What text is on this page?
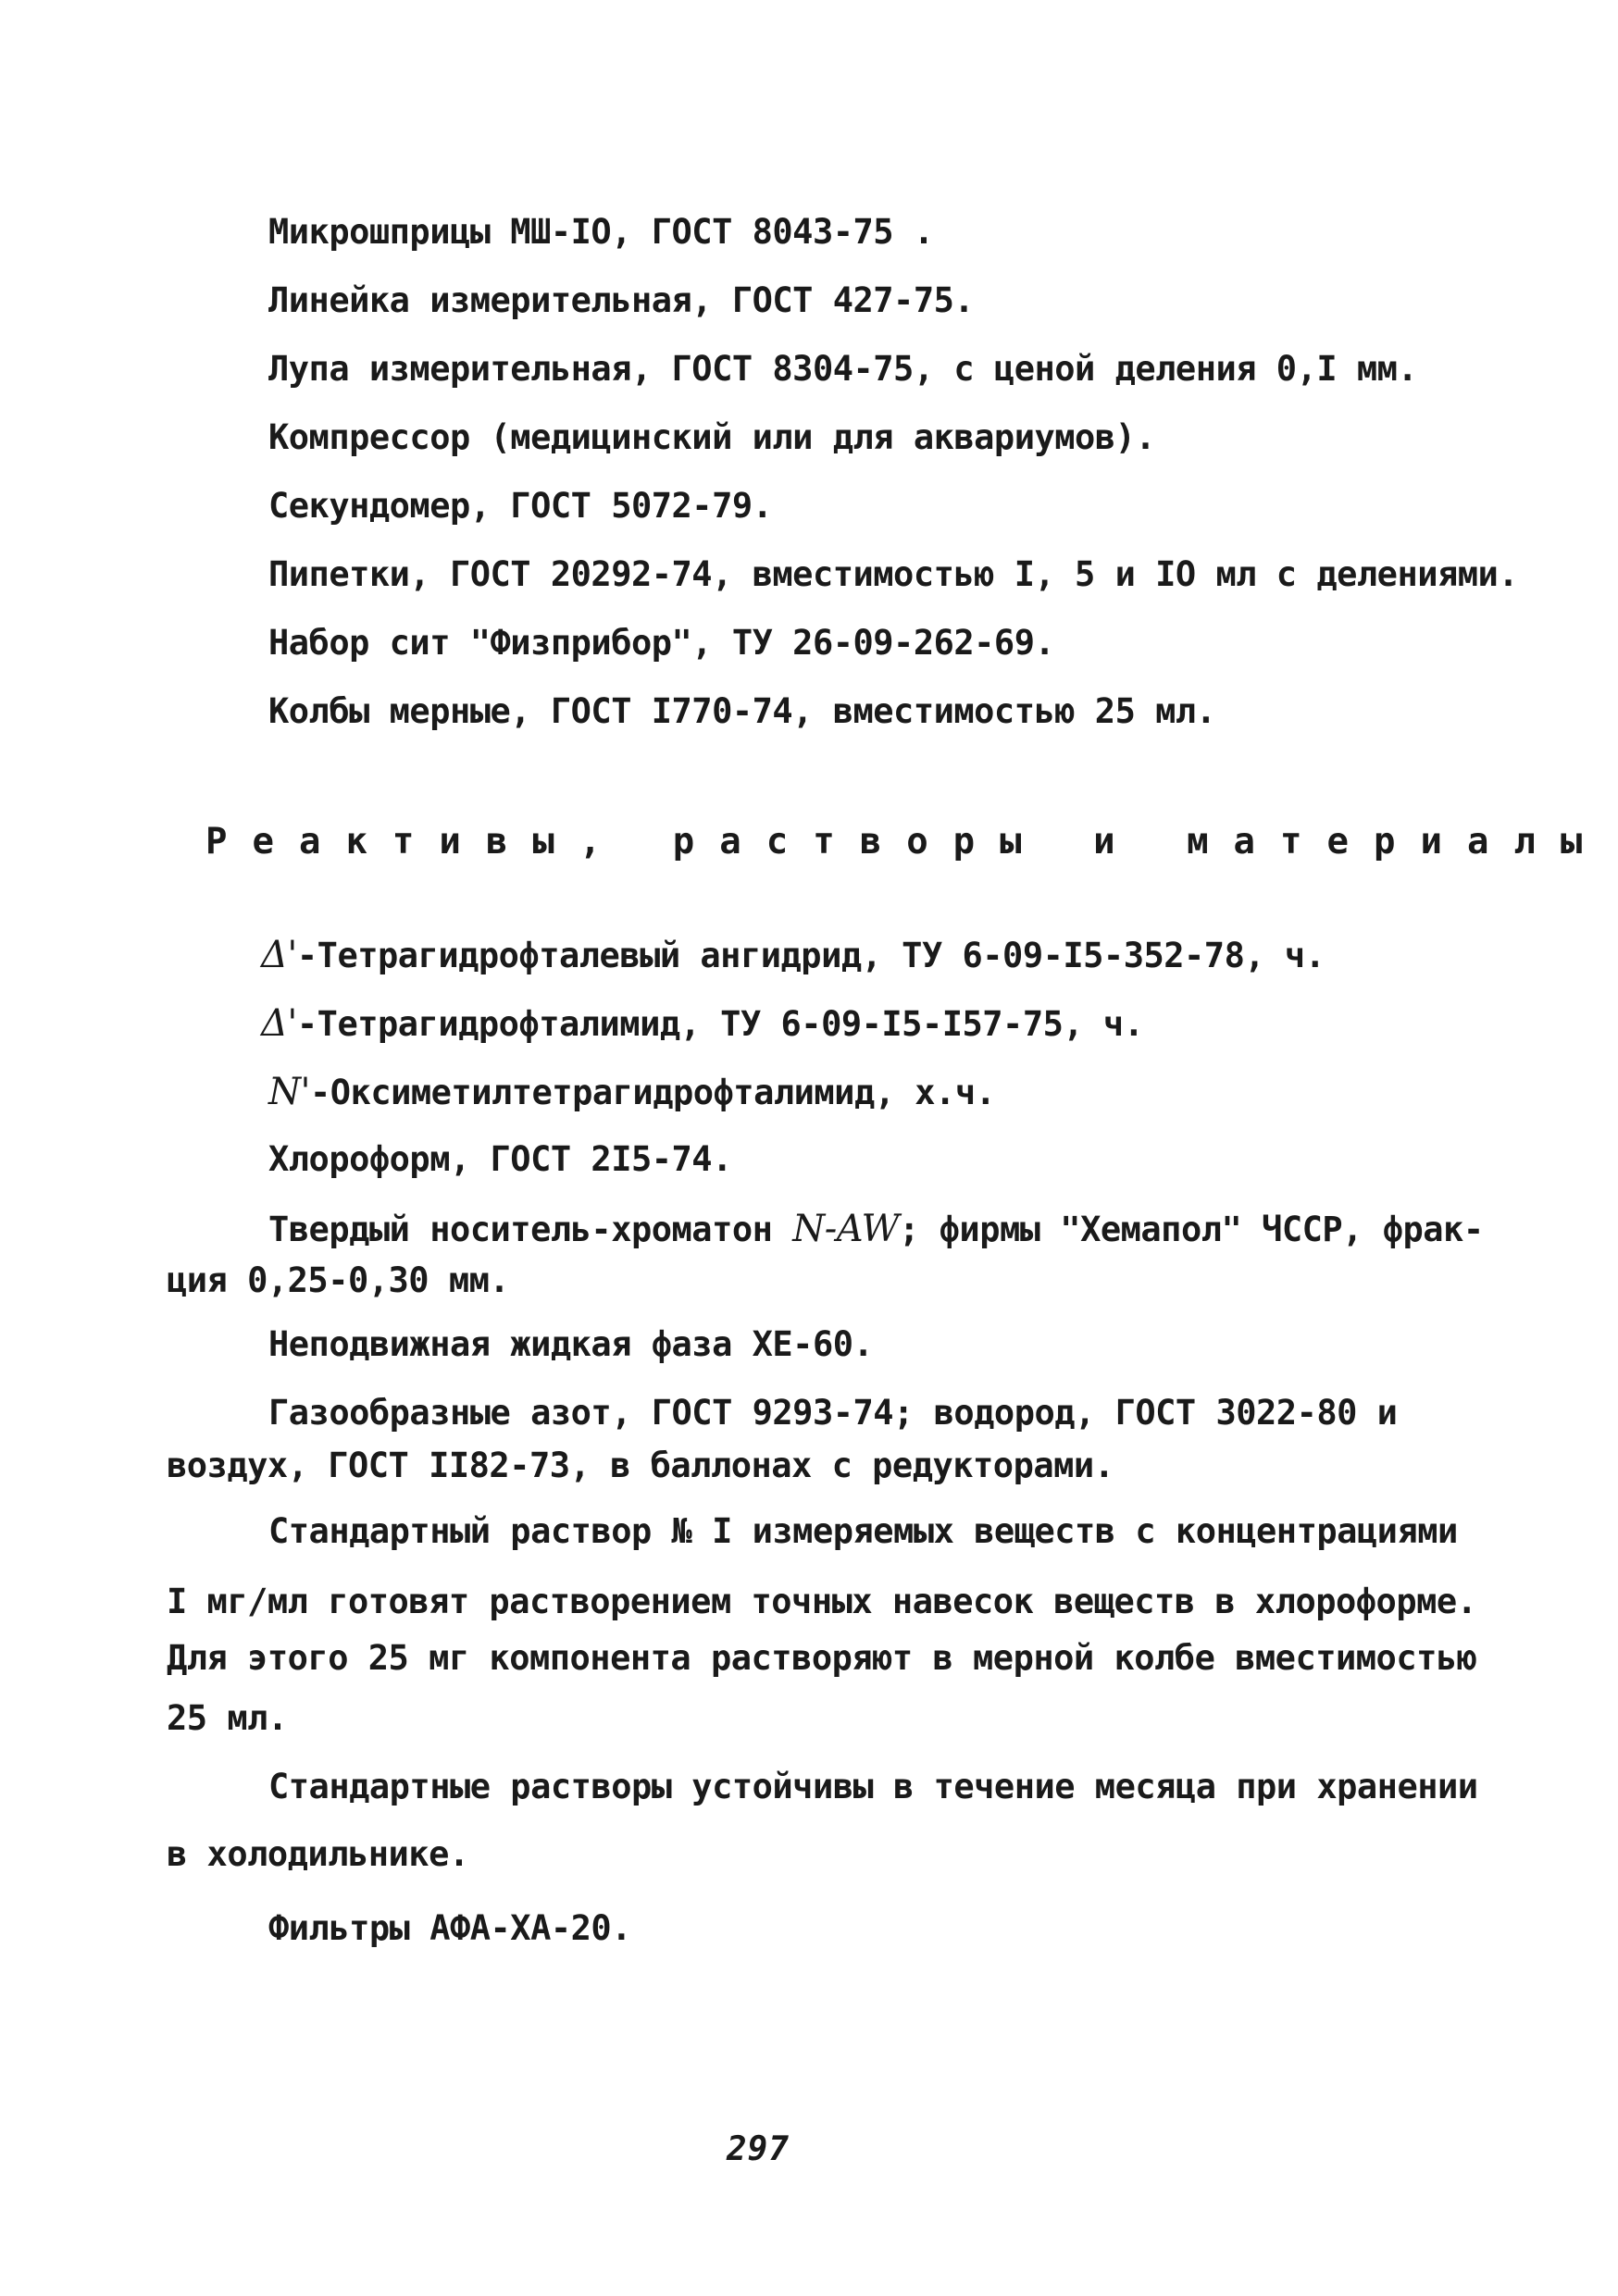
Микрошприцы МШ-IO, ГОСТ 8043-75 .
Линейка измерительная, ГОСТ 427-75.
Лупа измерительная, ГОСТ 8304-75, с ценой деления 0,I мм.
Компрессор (медицинский или для аквариумов).
Секундомер, ГОСТ 5072-79.
Пипетки, ГОСТ 20292-74, вместимостью I, 5 и IO мл с делениями.
Набор сит "Физприбор", ТУ 26-09-262-69.
Колбы мерные, ГОСТ I770-74, вместимостью 25 мл.
Реактивы, растворы и материалы
Δ'-Тетрагидрофталевый ангидрид, ТУ 6-09-I5-352-78, ч.
Δ'-Тетрагидрофталимид, ТУ 6-09-I5-I57-75, ч.
N'-Оксиметилтетрагидрофталимид, х.ч.
Хлороформ, ГОСТ 2I5-74.
Твердый носитель-хроматон N-AW; фирмы "Хемапол" ЧССР, фрак-
ция 0,25-0,30 мм.
Неподвижная жидкая фаза ХЕ-60.
Газообразные азот, ГОСТ 9293-74; водород, ГОСТ 3022-80 и
воздух, ГОСТ II82-73, в баллонах с редукторами.
Стандартный раствор № I измеряемых веществ с концентрациями
I мг/мл готовят растворением точных навесок веществ в хлороформе.
Для этого 25 мг компонента растворяют в мерной колбе вместимостью
25 мл.
Стандартные растворы устойчивы в течение месяца при хранении
в холодильнике.
Фильтры АФА-ХА-20.
297
